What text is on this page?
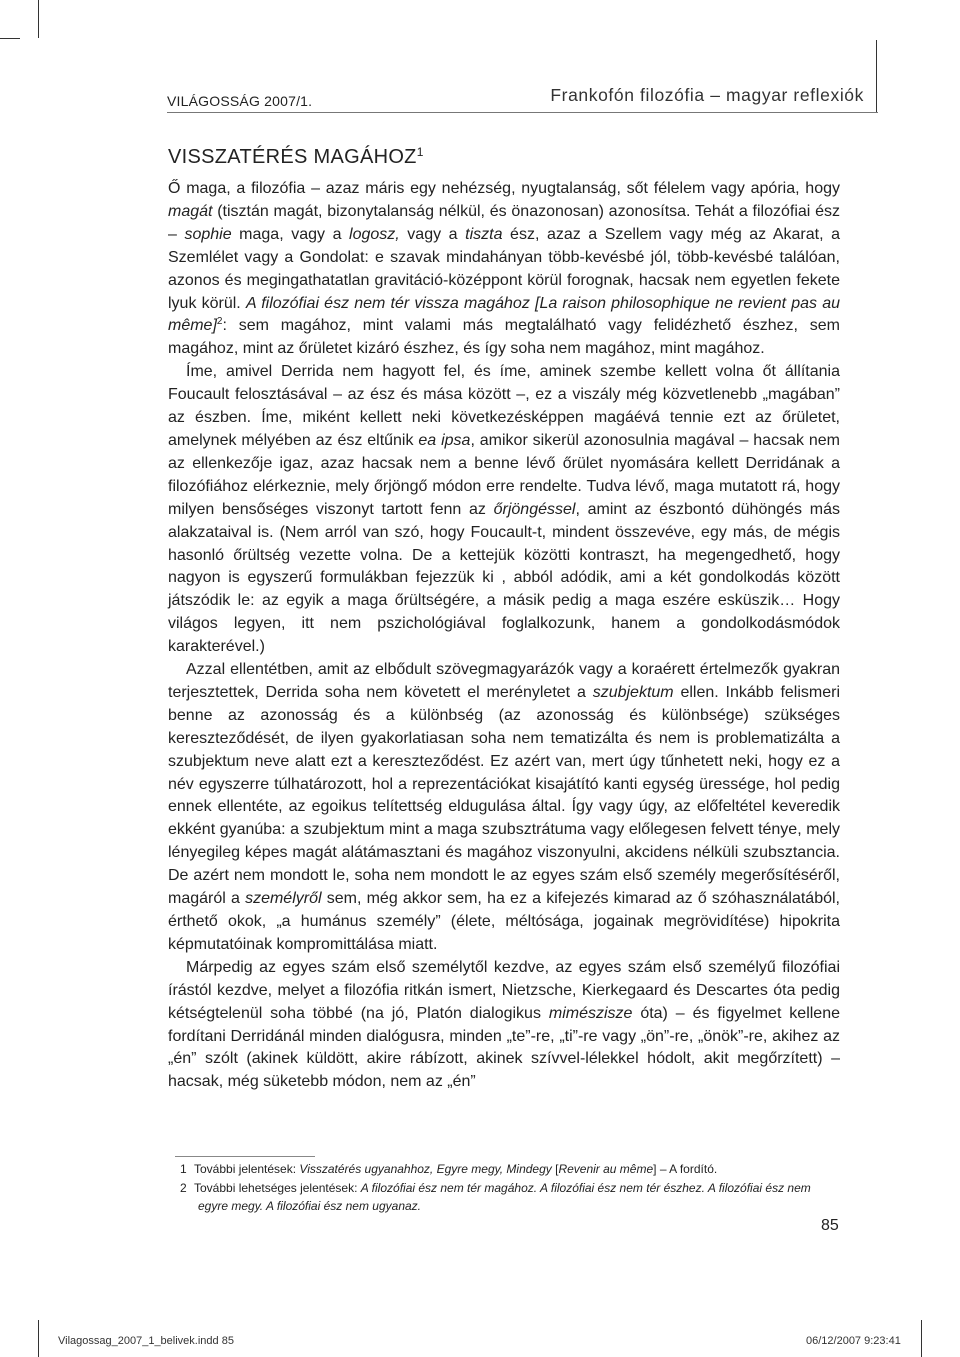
VILÁGOSSÁG 2007/1.	Frankofón filozófia – magyar reflexiók
VISSZATÉRÉS MAGÁHOZ$^1$

Ő maga, a filozófia – azaz máris egy nehézség, nyugtalanság, sőt félelem vagy apória, hogy magát (tisztán magát, bizonytalanság nélkül, és önazonosan) azonosítsa. Tehát a filozófiai ész – sophie maga, vagy a logosz, vagy a tiszta ész, azaz a Szellem vagy még az Akarat, a Szemlélet vagy a Gondolat: e szavak mindahányan több-kevésbé jól, több-kevésbé találóan, azonos és megingathatatlan gravitáció-középpont körül forognak, hacsak nem egyetlen fekete lyuk körül. A filozófiai ész nem tér vissza magához [La raison philosophique ne revient pas au même]$^2$: sem magához, mint valami más megtalálható vagy felidézhető észhez, sem magához, mint az őrületet kizáró észhez, és így soha nem magához, mint magához.

Íme, amivel Derrida nem hagyott fel, és íme, aminek szembe kellett volna őt állítania Foucault felosztásával – az ész és mása között –, ez a viszály még közvetlenebb „magában” az észben. Íme, miként kellett neki következésképpen magáévá tennie ezt az őrületet, amelynek mélyében az ész eltűnik ea ipsa, amikor sikerül azonosulnia magával – hacsak nem az ellenkezője igaz, azaz hacsak nem a benne lévő őrület nyomására kellett Derridának a filozófiához elérkeznie, mely őrjöngő módon erre rendelte. Tudva lévő, maga mutatott rá, hogy milyen bensőséges viszonyt tartott fenn az őrjöngéssel, amint az észbontó dühöngés más alakzataival is. (Nem arról van szó, hogy Foucault-t, mindent összevéve, egy más, de mégis hasonló őrültség vezette volna. De a kettejük közötti kontraszt, ha megengedhető, hogy nagyon is egyszerű formulákban fejezzük ki , abból adódik, ami a két gondolkodás között játszódik le: az egyik a maga őrültségére, a másik pedig a maga eszére esküszik… Hogy világos legyen, itt nem pszichológiával foglalkozunk, hanem a gondolkodásmódok karakterével.)

Azzal ellentétben, amit az elbődult szövegmagyarázók vagy a koraérett értelmezők gyakran terjesztettek, Derrida soha nem követett el merényletet a szubjektum ellen. Inkább felismeri benne az azonosság és a különbség (az azonosság és különbsége) szükséges kereszteződését, de ilyen gyakorlatiasan soha nem tematizálta és nem is problematizálta a szubjektum neve alatt ezt a kereszteződést. Ez azért van, mert úgy tűnhetett neki, hogy ez a név egyszerre túlhatározott, hol a reprezentációkat kisajátító kanti egység üressége, hol pedig ennek ellentéte, az egoikus telítettség eldugulása által. Így vagy úgy, az előfeltétel keveredik ekként gyanúba: a szubjektum mint a maga szubsztrátuma vagy előlegesen felvett ténye, mely lényegileg képes magát alátámasztani és magához viszonyulni, akcidens nélküli szubsztancia. De azért nem mondott le, soha nem mondott le az egyes szám első személy megerősítéséről, magáról a személyről sem, még akkor sem, ha ez a kifejezés kimarad az ő szóhasználatából, érthető okok, „a humánus személy” (élete, méltósága, jogainak megrövidítése) hipokrita képmutatóinak kompromittálása miatt.

Márpedig az egyes szám első személytől kezdve, az egyes szám első személyű filozófiai írástól kezdve, melyet a filozófia ritkán ismert, Nietzsche, Kierkegaard és Descartes óta pedig kétségtelenül soha többé (na jó, Platón dialogikus mimészisze óta) – és figyelmet kellene fordítani Derridánál minden dialógusra, minden „te”-re, „ti”-re vagy „ön”-re, „önök”-re, akihez az „én” szólt (akinek küldött, akire rábízott, akinek szívvel-lélekkel hódolt, akit megőrzített) – hacsak, még süketebb módon, nem az „én”

1 További jelentések: Visszatérés ugyanahhoz, Egyre megy, Mindegy [Revenir au même] – A fordító.

2 További lehetséges jelentések: A filozófiai ész nem tér magához. A filozófiai ész nem tér észhez. A filozófiai ész nem egyre megy. A filozófiai ész nem ugyanaz.

85
Vilagossag_2007_1_belivek.indd 85	06/12/2007 9:23:41
